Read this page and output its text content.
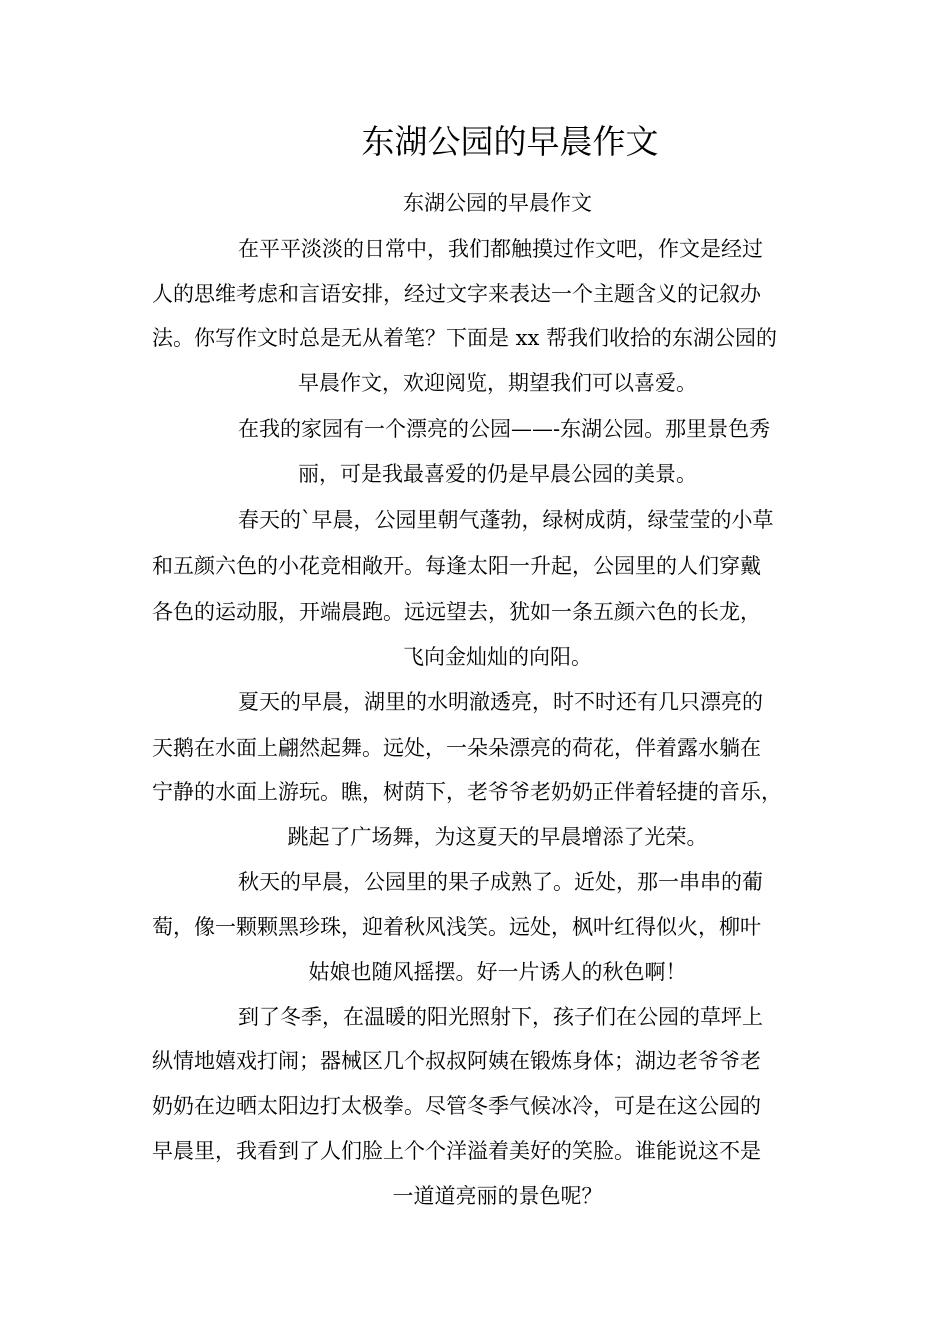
东湖公园的早晨作文
东湖公园的早晨作文

在平平淡淡的日常中，我们都触摸过作文吧，作文是经过

人的思维考虑和言语安排，经过文字来表达一个主题含义的记叙办

法。你写作文时总是无从着笔？下面是 xx 帮我们收拾的东湖公园的

早晨作文，欢迎阅览，期望我们可以喜爱。

在我的家园有一个漂亮的公园——-东湖公园。那里景色秀

丽，可是我最喜爱的仍是早晨公园的美景。

春天的`早晨，公园里朝气蓬勃，绿树成荫，绿莹莹的小草

和五颜六色的小花竞相敞开。每逢太阳一升起，公园里的人们穿戴

各色的运动服，开端晨跑。远远望去，犹如一条五颜六色的长龙，

飞向金灿灿的向阳。

夏天的早晨，湖里的水明澈透亮，时不时还有几只漂亮的

天鹅在水面上翩然起舞。远处，一朵朵漂亮的荷花，伴着露水躺在

宁静的水面上游玩。瞧，树荫下，老爷爷老奶奶正伴着轻捷的音乐，

跳起了广场舞，为这夏天的早晨增添了光荣。

秋天的早晨，公园里的果子成熟了。近处，那一串串的葡

萄，像一颗颗黑珍珠，迎着秋风浅笑。远处，枫叶红得似火，柳叶

姑娘也随风摇摆。好一片诱人的秋色啊！

到了冬季，在温暖的阳光照射下，孩子们在公园的草坪上

纵情地嬉戏打闹；器械区几个叔叔阿姨在锻炼身体；湖边老爷爷老

奶奶在边晒太阳边打太极拳。尽管冬季气候冰冷，可是在这公园的

早晨里，我看到了人们脸上个个洋溢着美好的笑脸。谁能说这不是

一道道亮丽的景色呢？
